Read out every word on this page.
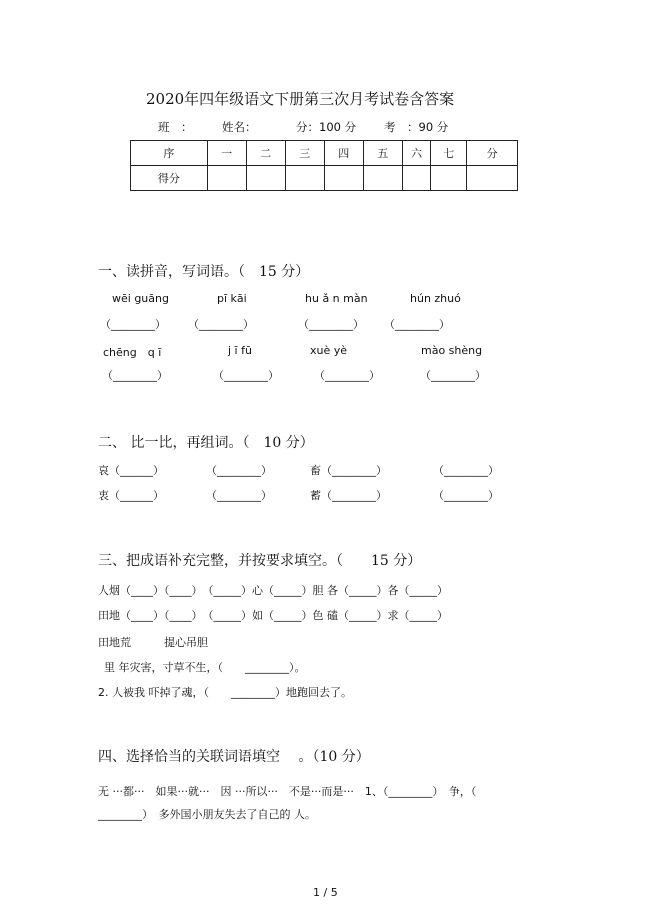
2020年四年级语文下册第三次月考试卷含答案
班　：	姓名：	分：100 分 考　：90 分
序	一	二	三	四	五	六	七	分
得分								
一、读拼音，写词语。（　15 分）
wēi guāng	pī kāi	hu ǎ n màn	hún zhuó
（________） （________）	（________） （________）
chēng　q ī	j ī fū	xuè yè	mào shèng
（________）	（________）	（________）	（________）
二、 比一比，再组词。（　10 分）
哀（______）	（________）	畜（________）	（________）
衷（______）	（________）	蓄（________）	（________）
三、把成语补充完整，并按要求填空。（　　15 分）
人烟（____）（____）　（_____）心（_____）胆 各（_____）各（_____）
田地（____）（____）　（_____）如（_____）色 磕（_____）求（_____）
田地荒　　　提心吊胆
里 年灾害，寸草不生，（　　________）。
2. 人被我 吓掉了魂，（　　________）地跑回去了。
四、选择恰当的关联词语填空　 。（10 分）
无 ···都···　如果···就···　因 ···所以···　不是···而是···　1、（________）　争，（
________）　多外国小朋友失去了自己的 人。
1 / 5
